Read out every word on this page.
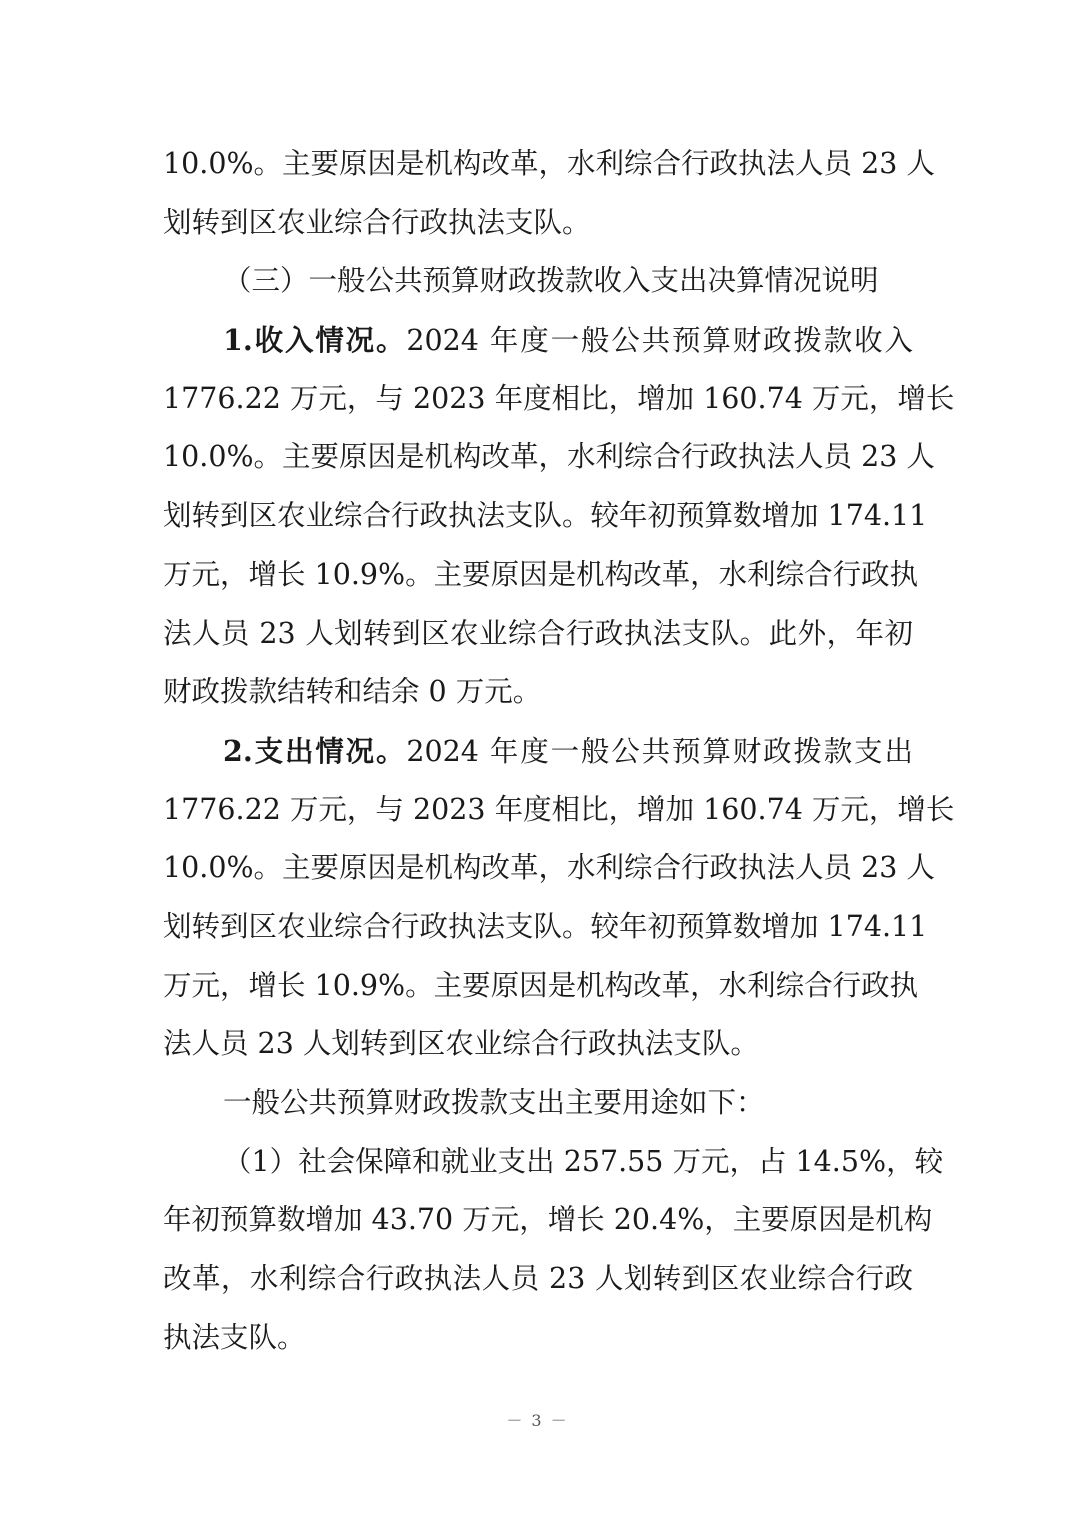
10.0%。主要原因是机构改革，水利综合行政执法人员 23 人
划转到区农业综合行政执法支队。
（三）一般公共预算财政拨款收入支出决算情况说明
1.收入情况。2024 年度一般公共预算财政拨款收入
1776.22 万元，与 2023 年度相比，增加 160.74 万元，增长
10.0%。主要原因是机构改革，水利综合行政执法人员 23 人
划转到区农业综合行政执法支队。较年初预算数增加 174.11
万元，增长 10.9%。主要原因是机构改革，水利综合行政执
法人员 23 人划转到区农业综合行政执法支队。此外，年初
财政拨款结转和结余 0 万元。
2.支出情况。2024 年度一般公共预算财政拨款支出
1776.22 万元，与 2023 年度相比，增加 160.74 万元，增长
10.0%。主要原因是机构改革，水利综合行政执法人员 23 人
划转到区农业综合行政执法支队。较年初预算数增加 174.11
万元，增长 10.9%。主要原因是机构改革，水利综合行政执
法人员 23 人划转到区农业综合行政执法支队。
一般公共预算财政拨款支出主要用途如下：
（1）社会保障和就业支出 257.55 万元，占 14.5%，较
年初预算数增加 43.70 万元，增长 20.4%，主要原因是机构
改革，水利综合行政执法人员 23 人划转到区农业综合行政
执法支队。
－ 3 －
